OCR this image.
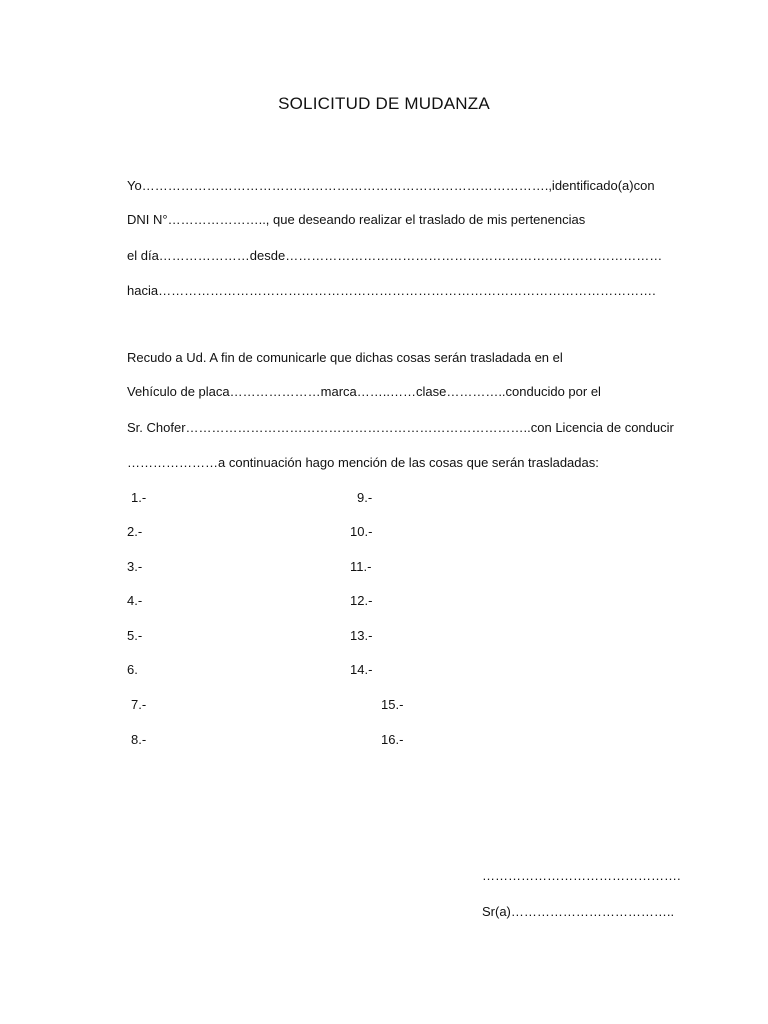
SOLICITUD DE MUDANZA
Yo………………………………………………………………………………….,identificado(a)con
DNI N°………………….., que deseando realizar el traslado de mis pertenencias
el día…………………desde……………………………………………………………………………
hacia…………………………………………………………………………………………………….
Recudo a Ud. A fin de comunicarle que dichas cosas serán trasladada en el
Vehículo de placa…………………marca……..……clase…………..conducido por el
Sr. Chofer……………………………………………………………………..con Licencia de conducir
…………………a continuación hago mención de las cosas que serán trasladadas:
1.-
2.-
3.-
4.-
5.-
6.
7.-
8.-
9.-
10.-
11.-
12.-
13.-
14.-
15.-
16.-
……………………………………….
Sr(a)………………………………..
